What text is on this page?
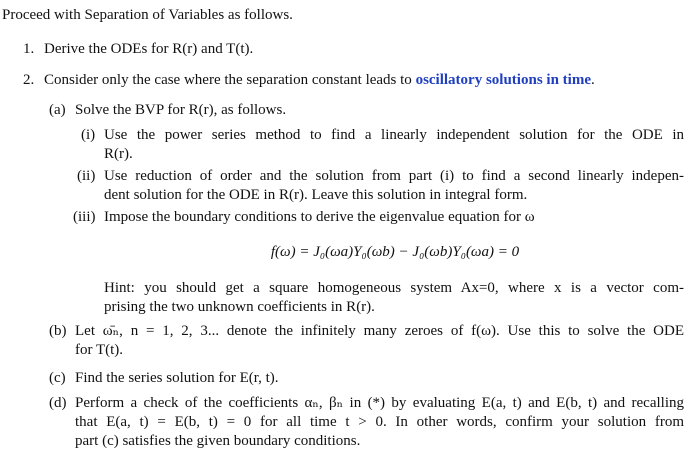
Proceed with Separation of Variables as follows.
1. Derive the ODEs for R(r) and T(t).
2. Consider only the case where the separation constant leads to oscillatory solutions in time.
(a) Solve the BVP for R(r), as follows.
(i) Use the power series method to find a linearly independent solution for the ODE in
R(r).
(ii) Use reduction of order and the solution from part (i) to find a second linearly indepen-
dent solution for the ODE in R(r). Leave this solution in integral form.
(iii) Impose the boundary conditions to derive the eigenvalue equation for ω
f(ω) = J₀(ωa)Y₀(ωb) − J₀(ωb)Y₀(ωa) = 0
Hint: you should get a square homogeneous system Ax=0, where x is a vector com-
prising the two unknown coefficients in R(r).
(b) Let ω̄ₙ, n = 1, 2, 3... denote the infinitely many zeroes of f(ω). Use this to solve the ODE
for T(t).
(c) Find the series solution for E(r, t).
(d) Perform a check of the coefficients αₙ, βₙ in (*) by evaluating E(a, t) and E(b, t) and recalling
that E(a, t) = E(b, t) = 0 for all time t > 0. In other words, confirm your solution from
part (c) satisfies the given boundary conditions.
